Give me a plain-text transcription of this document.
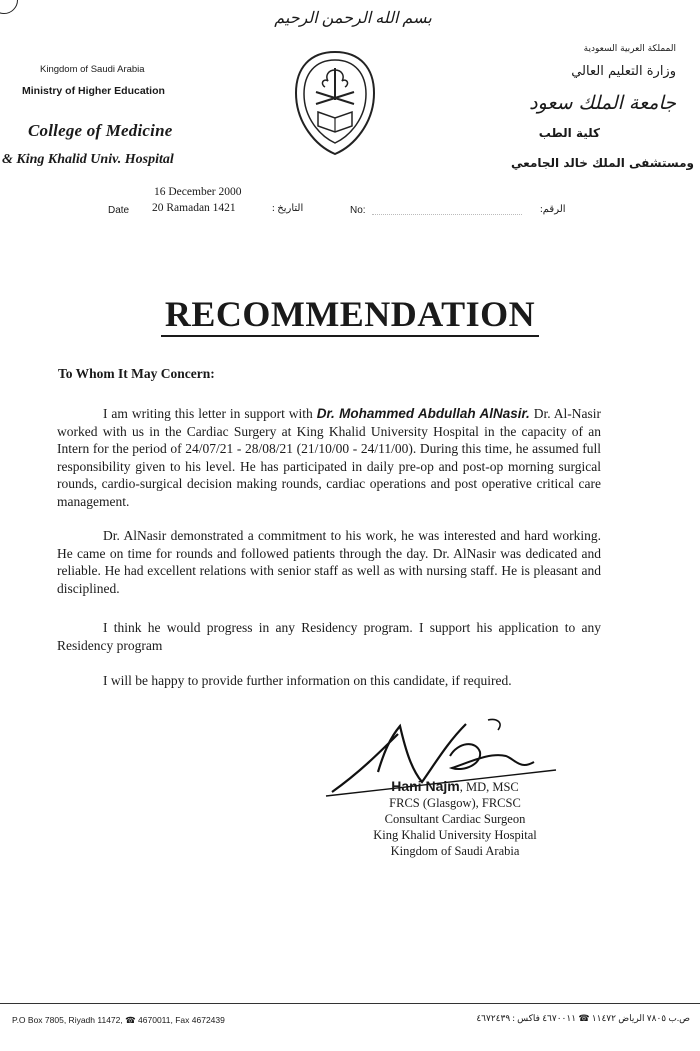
Kingdom of Saudi Arabia
Ministry of Higher Education
College of Medicine
& King Khalid Univ. Hospital
بسم الله الرحمن الرحيم
المملكة العربية السعودية
وزارة التعليم العالي
جامعة الملك سعود
كلية الطب
ومستشفى الملك خالد الجامعي
16 December 2000
Date 20 Ramadan 1421	التاريخ :	No:	الرقم:
RECOMMENDATION
To Whom It May Concern:
I am writing this letter in support with Dr. Mohammed Abdullah AlNasir. Dr. Al-Nasir worked with us in the Cardiac Surgery at King Khalid University Hospital in the capacity of an Intern for the period of 24/07/21 - 28/08/21 (21/10/00 - 24/11/00). During this time, he assumed full responsibility given to his level. He has participated in daily pre-op and post-op morning surgical rounds, cardio-surgical decision making rounds, cardiac operations and post operative critical care management.
Dr. AlNasir demonstrated a commitment to his work, he was interested and hard working. He came on time for rounds and followed patients through the day. Dr. AlNasir was dedicated and reliable. He had excellent relations with senior staff as well as with nursing staff. He is pleasant and disciplined.
I think he would progress in any Residency program. I support his application to any Residency program
I will be happy to provide further information on this candidate, if required.
Hani Najm, MD, MSC
FRCS (Glasgow), FRCSC
Consultant Cardiac Surgeon
King Khalid University Hospital
Kingdom of Saudi Arabia
P.O Box 7805, Riyadh 11472, ☎ 4670011, Fax 4672439	ص.ب ٧٨٠٥ الرياض ١١٤٧٢ ☎ ٤٦٧٠٠١١ فاكس : ٤٦٧٢٤٣٩
